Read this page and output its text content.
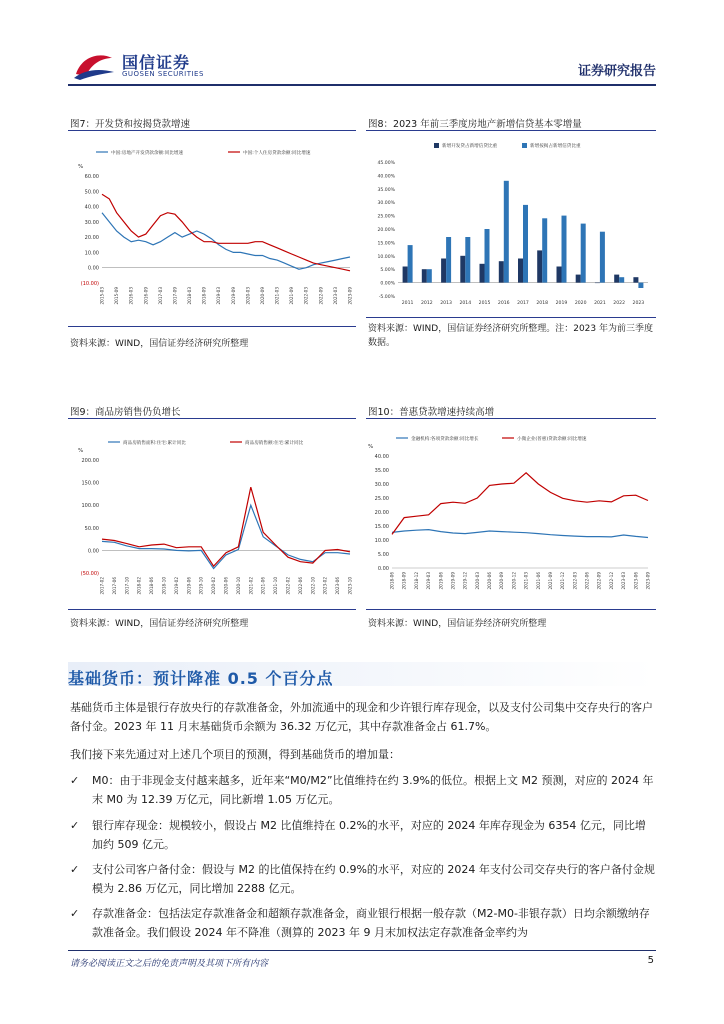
国信证券
GUOSEN SECURITIES	证券研究报告
图7：开发贷和按揭贷款增速
%
60.00
50.00
40.00
30.00
20.00
10.00
0.00
(10.00)
2015-03 2015-09 2016-03 2016-09 2017-03 2017-09 2018-03 2018-09 2019-03 2019-09 2020-03 2020-09 2021-03 2021-09 2022-03 2022-09 2023-03 2023-09
中国:房地产开发贷款余额:同比增速	中国:个人住房贷款余额:同比增速
资料来源：WIND，国信证券经济研究所整理
图8：2023 年前三季度房地产新增信贷基本零增量
45.00%
40.00%
35.00%
30.00%
25.00%
20.00%
15.00%
10.00%
5.00%
0.00%
-5.00%
2011 2012 2013 2014 2015 2016 2017 2018 2019 2020 2021 2022 2023
新增开发贷占新增信贷比重	新增按揭占新增信贷比重
资料来源：WIND，国信证券经济研究所整理。注：2023 年为前三季度数据。
图9：商品房销售仍负增长
%
200.00
150.00
100.00
50.00
0.00
(50.00)
2017-02 2017-06 2017-10 2018-02 2018-06 2018-10 2019-02 2019-06 2019-10 2020-02 2020-06 2020-10 2021-02 2021-06 2021-10 2022-02 2022-06 2022-10 2023-02 2023-06 2023-10
商品房销售面积:住宅:累计同比	商品房销售额:住宅:累计同比
资料来源：WIND，国信证券经济研究所整理
图10：普惠贷款增速持续高增
%
40.00
35.00
30.00
25.00
20.00
15.00
10.00
5.00
0.00
2018-06 2018-09 2018-12 2019-03 2019-06 2019-09 2019-12 2020-03 2020-06 2020-09 2020-12 2021-03 2021-06 2021-09 2021-12 2022-03 2022-06 2022-09 2022-12 2023-03 2023-06 2023-09
金融机构:各项贷款余额:同比增长	小微企业(普惠)贷款余额:同比增速
资料来源：WIND，国信证券经济研究所整理
基础货币：预计降准 0.5 个百分点
基础货币主体是银行存放央行的存款准备金，外加流通中的现金和少许银行库存现金，以及支付公司集中交存央行的客户备付金。2023 年 11 月末基础货币余额为 36.32 万亿元，其中存款准备金占 61.7%。
我们接下来先通过对上述几个项目的预测，得到基础货币的增加量：
✓	M0：由于非现金支付越来越多，近年来“M0/M2”比值维持在约 3.9%的低位。根据上文 M2 预测，对应的 2024 年末 M0 为 12.39 万亿元，同比新增 1.05 万亿元。
✓	银行库存现金：规模较小，假设占 M2 比值维持在 0.2%的水平，对应的 2024 年库存现金为 6354 亿元，同比增加约 509 亿元。
✓	支付公司客户备付金：假设与 M2 的比值保持在约 0.9%的水平，对应的 2024 年支付公司交存央行的客户备付金规模为 2.86 万亿元，同比增加 2288 亿元。
✓	存款准备金：包括法定存款准备金和超额存款准备金，商业银行根据一般存款（M2-M0-非银存款）日均余额缴纳存款准备金。我们假设 2024 年不降准（测算的 2023 年 9 月末加权法定存款准备金率约为
请务必阅读正文之后的免责声明及其项下所有内容	5
